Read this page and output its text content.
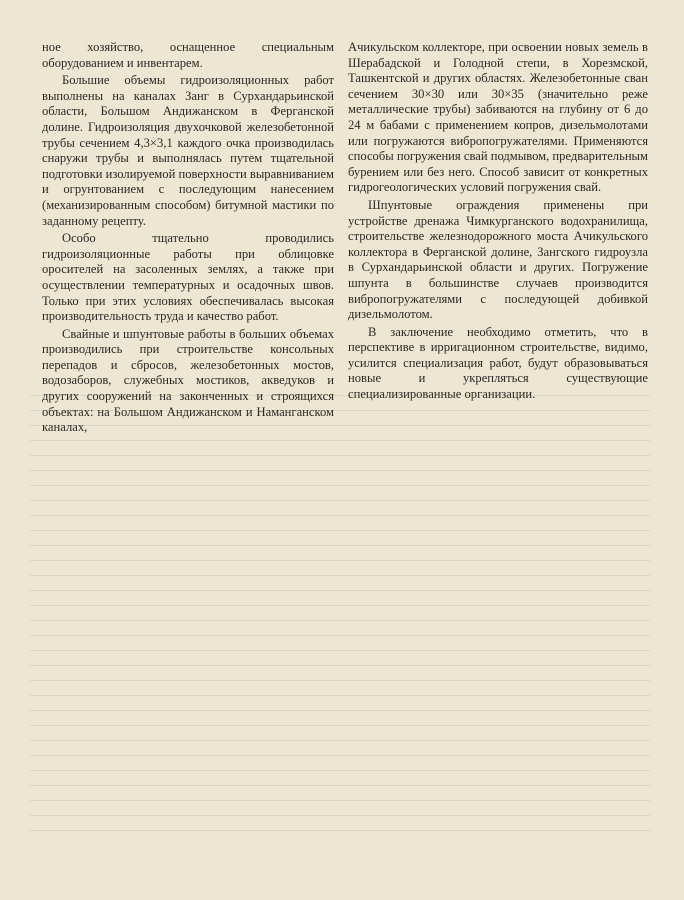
ное хозяйство, оснащенное специальным оборудованием и инвентарем.

Большие объемы гидроизоляционных работ выполнены на каналах Занг в Сурхандарьинской области, Большом Андижанском в Ферганской долине. Гидроизоляция двухочковой железобетонной трубы сечением 4,3×3,1 каждого очка производилась снаружи трубы и выполнялась путем тщательной подготовки изолируемой поверхности выравниванием и огрунтованием с последующим нанесением (механизированным способом) битумной мастики по заданному рецепту.

Особо тщательно проводились гидроизоляционные работы при облицовке оросителей на засоленных землях, а также при осуществлении температурных и осадочных швов. Только при этих условиях обеспечивалась высокая производительность труда и качество работ.

Свайные и шпунтовые работы в больших объемах производились при строительстве консольных перепадов и сбросов, железобетонных мостов, водозаборов, служебных мостиков, акведуков и других сооружений на законченных и строящихся объектах: на Большом Андижанском и Наманганском каналах,

Ачикульском коллекторе, при освоении новых земель в Шерабадской и Голодной степи, в Хорезмской, Ташкентской и других областях. Железобетонные сван сечением 30×30 или 30×35 (значительно реже металлические трубы) забиваются на глубину от 6 до 24 м бабами с применением копров, дизельмолотами или погружаются вибропогружателями. Применяются способы погружения свай подмывом, предварительным бурением или без него. Способ зависит от конкретных гидрогеологических условий погружения свай.

Шпунтовые ограждения применены при устройстве дренажа Чимкурганского водохранилища, строительстве железнодорожного моста Ачикульского коллектора в Ферганской долине, Зангского гидроузла в Сурхандарьинской области и других. Погружение шпунта в большинстве случаев производится вибропогружателями с последующей добивкой дизельмолотом.

В заключение необходимо отметить, что в перспективе в ирригационном строительстве, видимо, усилится специализация работ, будут образовываться новые и укрепляться существующие специализированные организации.
